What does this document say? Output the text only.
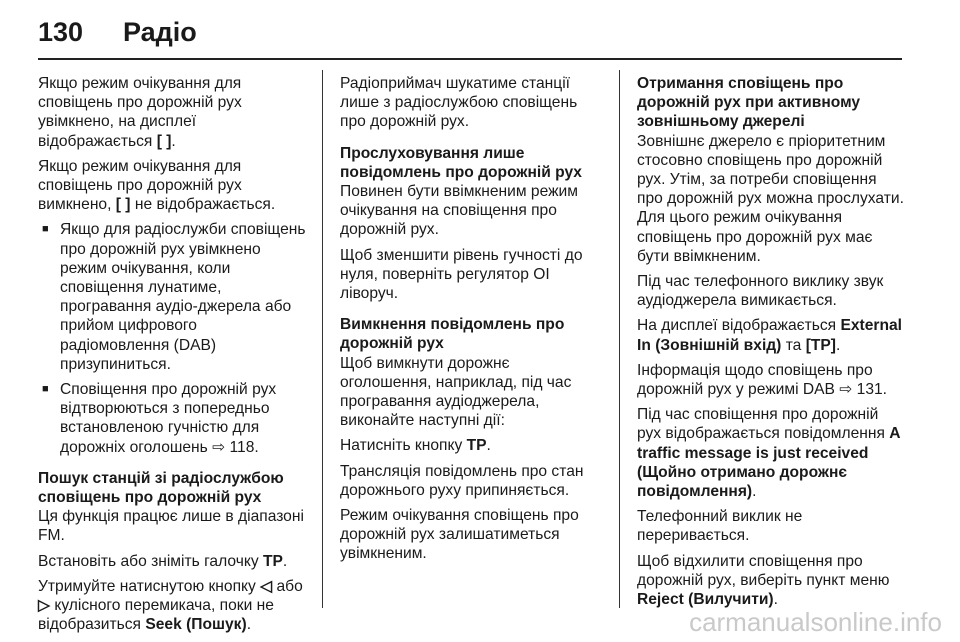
130	Радіо

Якщо режим очікування для сповіщень про дорожній рух увімкнено, на дисплеї відображається [ ].

Якщо режим очікування для сповіщень про дорожній рух вимкнено, [ ] не відображається.

■ Якщо для радіослужби сповіщень про дорожній рух увімкнено режим очікування, коли сповіщення лунатиме, програвання аудіо-джерела або прийом цифрового радіомовлення (DAB) призупиниться.
■ Сповіщення про дорожній рух відтворюються з попередньо встановленою гучністю для дорожніх оголошень ⇨ 118.
Пошук станцій зі радіослужбою сповіщень про дорожній рух

Ця функція працює лише в діапазоні FM.

Встановіть або зніміть галочку TP.

Утримуйте натиснутою кнопку ◁ або ▷ кулісного перемикача, поки не відобразиться Seek (Пошук).

Радіоприймач шукатиме станції лише з радіослужбою сповіщень про дорожній рух.

Прослуховування лише повідомлень про дорожній рух

Повинен бути ввімкненим режим очікування на сповіщення про дорожній рух.

Щоб зменшити рівень гучності до нуля, поверніть регулятор OI ліворуч.

Вимкнення повідомлень про дорожній рух

Щоб вимкнути дорожнє оголошення, наприклад, під час програвання аудіоджерела, виконайте наступні дії:

Натисніть кнопку TP.

Трансляція повідомлень про стан дорожнього руху припиняється.

Режим очікування сповіщень про дорожній рух залишатиметься увімкненим.

Отримання сповіщень про дорожній рух при активному зовнішньому джерелі

Зовнішнє джерело є пріоритетним стосовно сповіщень про дорожній рух. Утім, за потреби сповіщення про дорожній рух можна прослухати. Для цього режим очікування сповіщень про дорожній рух має бути ввімкненим.

Під час телефонного виклику звук аудіоджерела вимикається.

На дисплеї відображається External In (Зовнішній вхід) та [TP].

Інформація щодо сповіщень про дорожній рух у режимі DAB ⇨ 131.

Під час сповіщення про дорожній рух відображається повідомлення A traffic message is just received (Щойно отримано дорожнє повідомлення).

Телефонний виклик не переривається.

Щоб відхилити сповіщення про дорожній рух, виберіть пункт меню Reject (Вилучити).

carmanualsonline.info
